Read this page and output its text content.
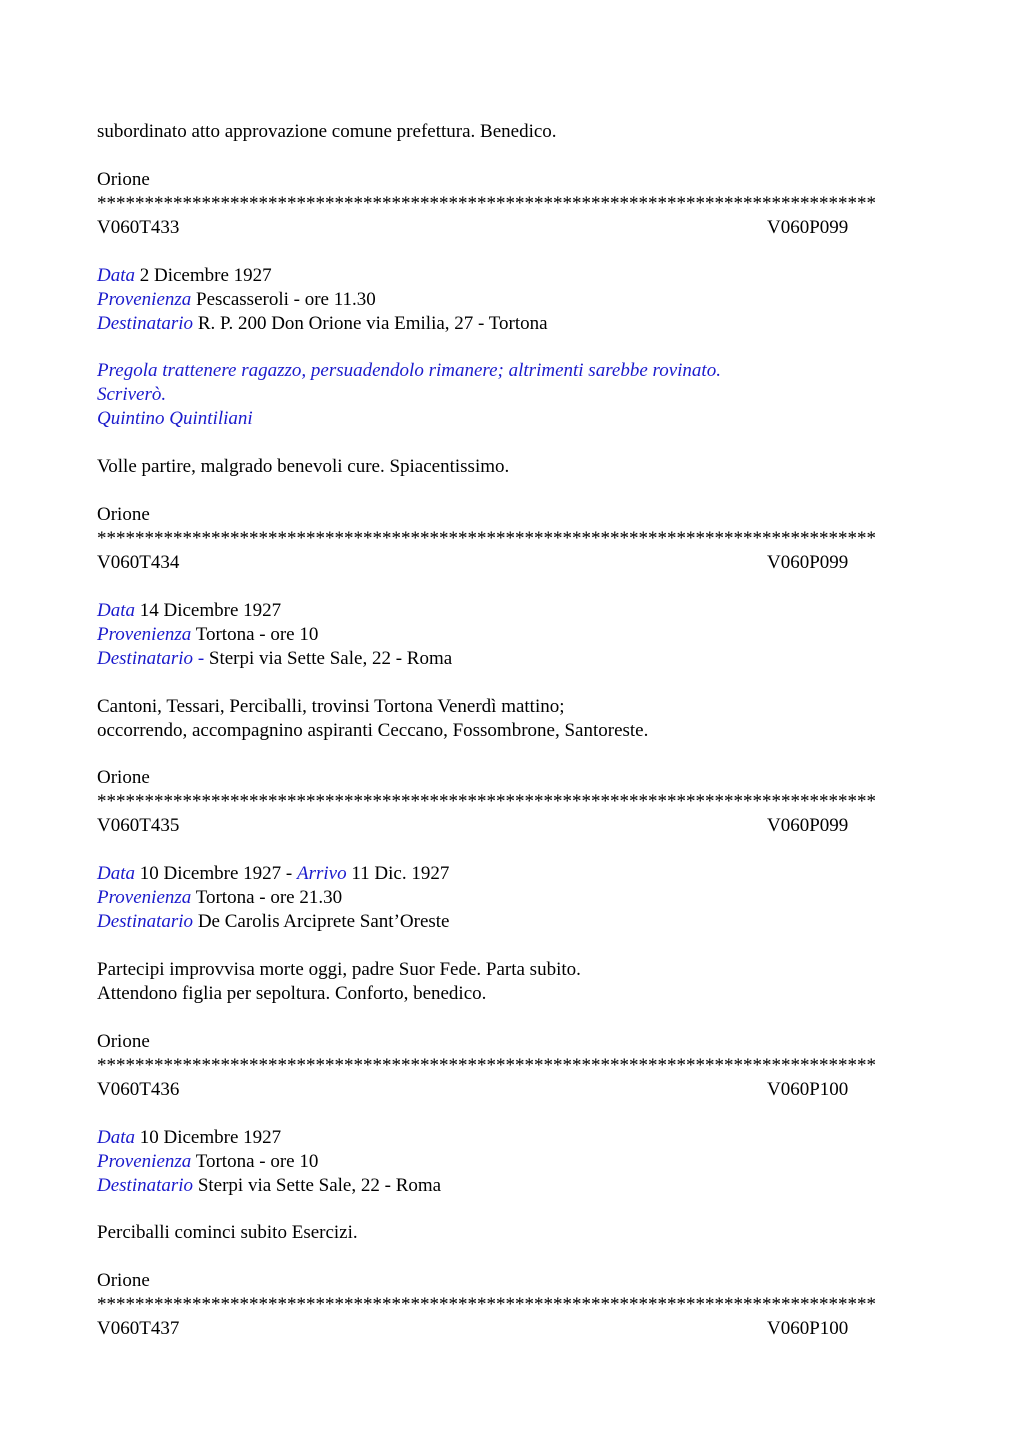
subordinato atto approvazione comune prefettura. Benedico.
Orione
**********************************************************************************
V060T433	V060P099
Data 2 Dicembre 1927
Provenienza Pescasseroli - ore 11.30
Destinatario R. P. 200 Don Orione via Emilia, 27 - Tortona
Pregola trattenere ragazzo, persuadendolo rimanere; altrimenti sarebbe rovinato.
Scriverò.
Quintino Quintiliani
Volle partire, malgrado benevoli cure. Spiacentissimo.
Orione
**********************************************************************************
V060T434	V060P099
Data 14 Dicembre 1927
Provenienza Tortona - ore 10
Destinatario - Sterpi via Sette Sale, 22 - Roma
Cantoni, Tessari, Perciballi, trovinsi Tortona Venerdì mattino;
occorrendo, accompagnino aspiranti Ceccano, Fossombrone, Santoreste.
Orione
**********************************************************************************
V060T435	V060P099
Data 10 Dicembre 1927 - Arrivo 11 Dic. 1927
Provenienza Tortona - ore 21.30
Destinatario De Carolis Arciprete Sant’Oreste
Partecipi improvvisa morte oggi, padre Suor Fede. Parta subito.
Attendono figlia per sepoltura. Conforto, benedico.
Orione
**********************************************************************************
V060T436	V060P100
Data 10 Dicembre 1927
Provenienza Tortona - ore 10
Destinatario Sterpi via Sette Sale, 22 - Roma
Perciballi cominci subito Esercizi.
Orione
**********************************************************************************
V060T437	V060P100
